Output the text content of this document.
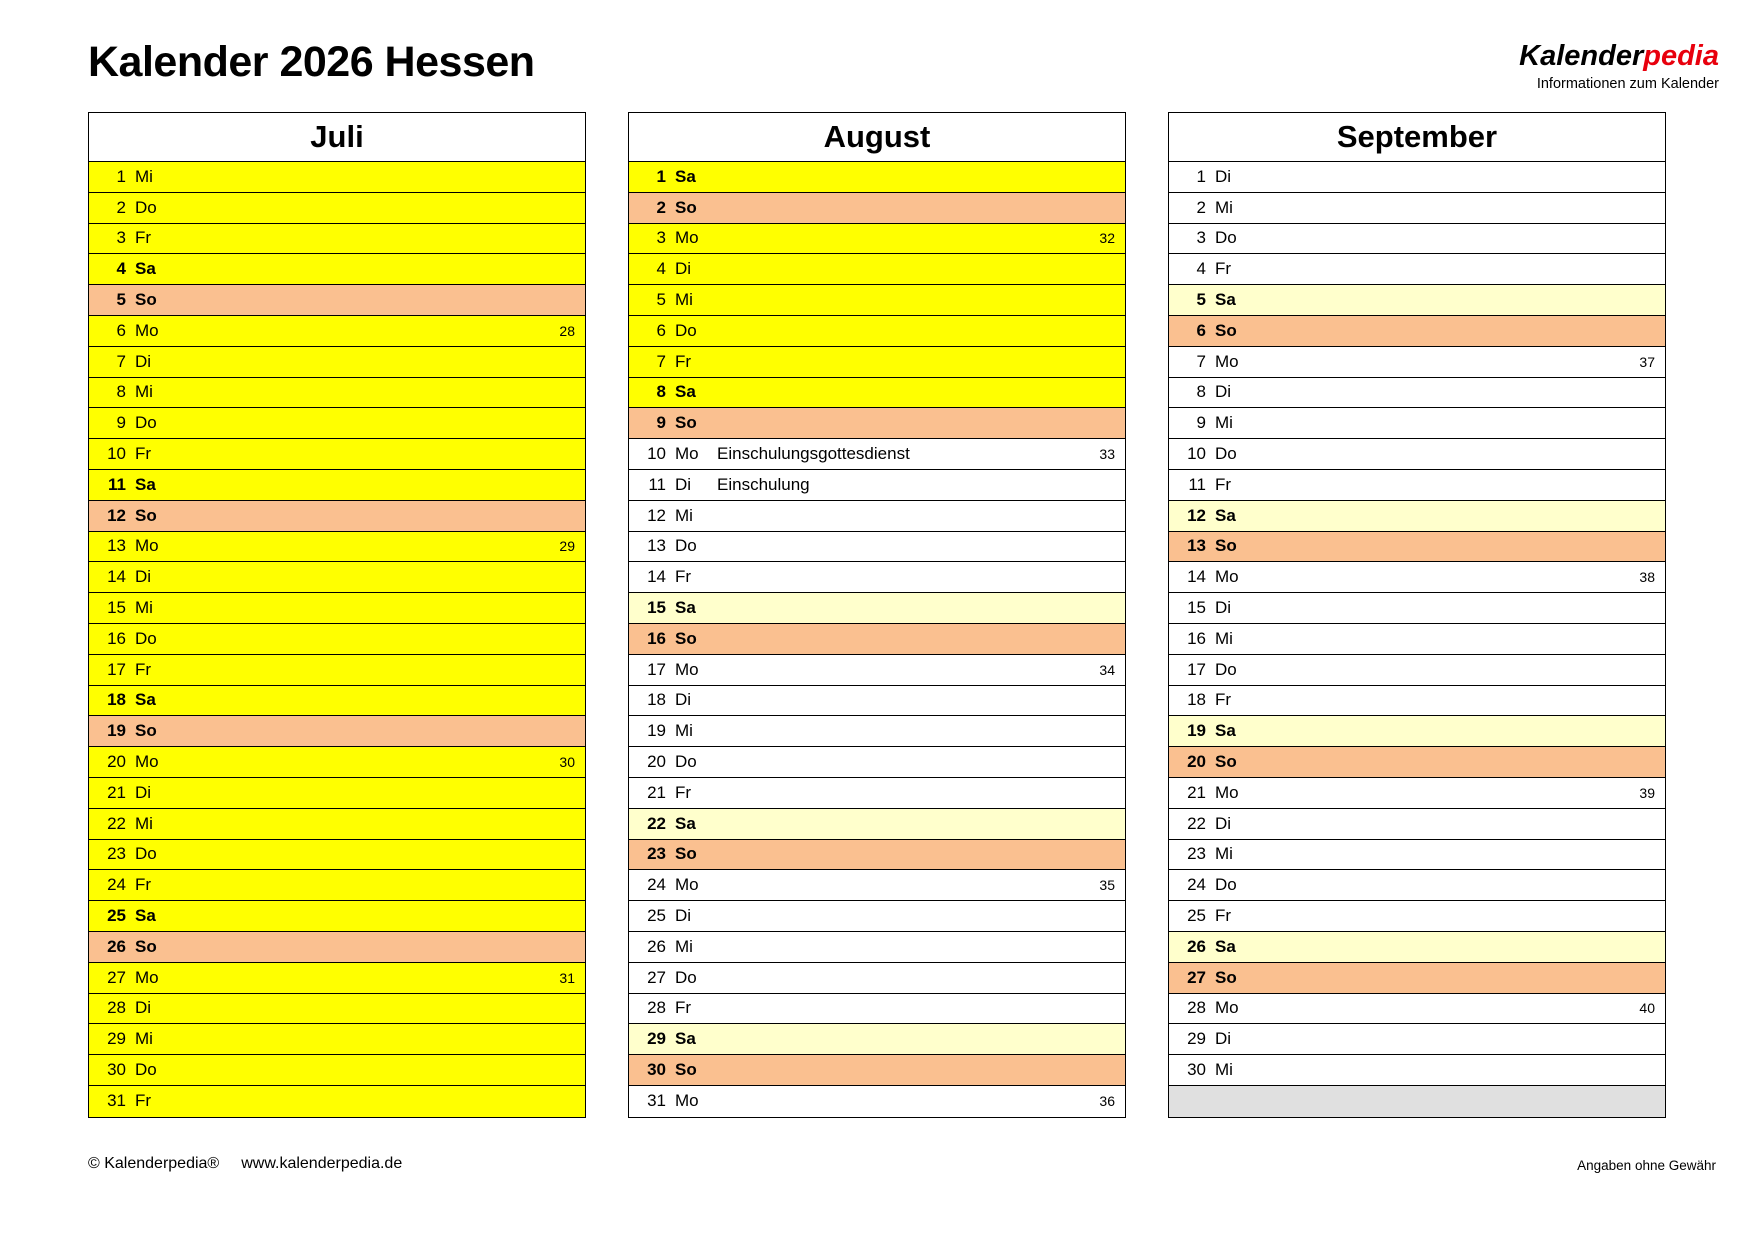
Kalender 2026 Hessen	Kalenderpedia
Informationen zum Kalender
Juli
1 Mi
2 Do
3 Fr
4 Sa
5 So
6 Mo	28
7 Di
8 Mi
9 Do
10 Fr
11 Sa
12 So
13 Mo	29
14 Di
15 Mi
16 Do
17 Fr
18 Sa
19 So
20 Mo	30
21 Di
22 Mi
23 Do
24 Fr
25 Sa
26 So
27 Mo	31
28 Di
29 Mi
30 Do
31 Fr
August
1 Sa
2 So
3 Mo	32
4 Di
5 Mi
6 Do
7 Fr
8 Sa
9 So
10 Mo	Einschulungsgottesdienst	33
11 Di	Einschulung
12 Mi
13 Do
14 Fr
15 Sa
16 So
17 Mo	34
18 Di
19 Mi
20 Do
21 Fr
22 Sa
23 So
24 Mo	35
25 Di
26 Mi
27 Do
28 Fr
29 Sa
30 So
31 Mo	36
September
1 Di
2 Mi
3 Do
4 Fr
5 Sa
6 So
7 Mo	37
8 Di
9 Mi
10 Do
11 Fr
12 Sa
13 So
14 Mo	38
15 Di
16 Mi
17 Do
18 Fr
19 Sa
20 So
21 Mo	39
22 Di
23 Mi
24 Do
25 Fr
26 Sa
27 So
28 Mo	40
29 Di
30 Mi
© Kalenderpedia® www.kalenderpedia.de	Angaben ohne Gewähr
